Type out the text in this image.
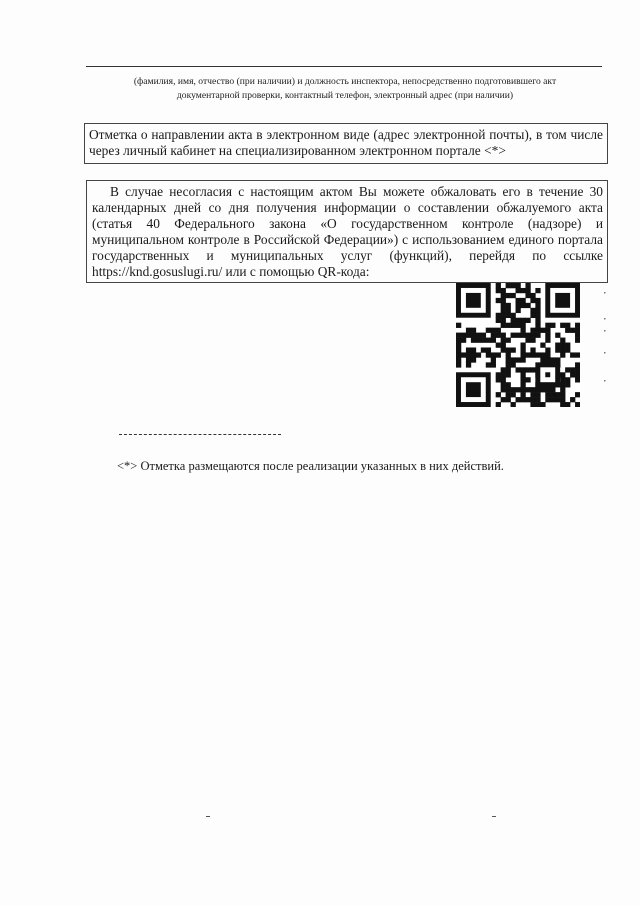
(фамилия, имя, отчество (при наличии) и должность инспектора, непосредственно подготовившего акт
документарной проверки, контактный телефон, электронный адрес (при наличии)
Отметка о направлении акта в электронном виде (адрес электронной почты), в том числе через личный кабинет на специализированном электронном портале <*>

В случае несогласия с настоящим актом Вы можете обжаловать его в течение 30 календарных дней со дня получения информации о составлении обжалуемого акта (статья 40 Федерального закона «О государственном контроле (надзоре) и муниципальном контроле в Российской Федерации») с использованием единого портала государственных и муниципальных услуг (функций), перейдя по ссылке https://knd.gosuslugi.ru/ или с помощью QR-кода:

<*> Отметка размещаются после реализации указанных в них действий.
